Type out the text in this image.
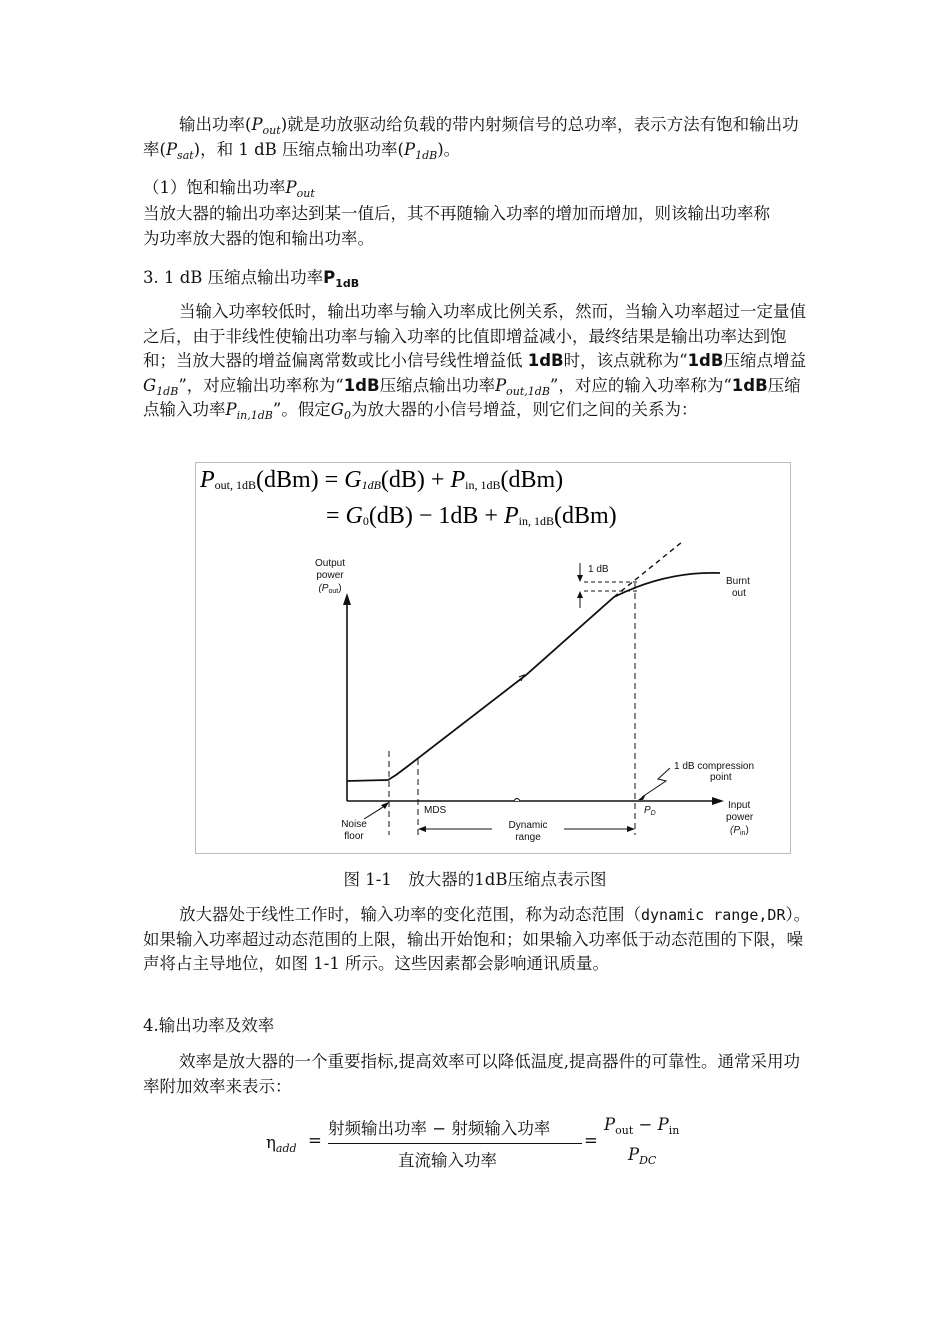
输出功率$(P_{out})$就是功放驱动给负载的带内射频信号的总功率，表示方法有饱和输出功率$(P_{sat})$，和 1 dB 压缩点输出功率$(P_{1dB})$。
（1）饱和输出功率$P_{out}$
当放大器的输出功率达到某一值后，其不再随输入功率的增加而增加，则该输出功率称为功率放大器的饱和输出功率。
3. 1 dB 压缩点输出功率$P_{1dB}$
当输入功率较低时，输出功率与输入功率成比例关系，然而，当输入功率超过一定量值之后，由于非线性使输出功率与输入功率的比值即增益减小，最终结果是输出功率达到饱和；当放大器的增益偏离常数或比小信号线性增益低 1dB时，该点就称为“1dB压缩点增益$G_{1dB}$”，对应输出功率称为“1dB压缩点输出功率$P_{out,1dB}$”，对应的输入功率称为“1dB压缩点输入功率$P_{in,1dB}$”。假定$G_0$为放大器的小信号增益，则它们之间的关系为：
Pout, 1dB(dBm) = G1dB(dB) + Pin, 1dB(dBm)
= G0(dB) − 1dB + Pin, 1dB(dBm)
1 dB
Output
power
$(P_{out})$
Burnt
out
1 dB compression
point
Input
power
$(P_{in})$
MDS	$P_D$
Noise
floor
Dynamic
range
图 1-1　放大器的1dB压缩点表示图
放大器处于线性工作时，输入功率的变化范围，称为动态范围（dynamic range,DR）。如果输入功率超过动态范围的上限，输出开始饱和；如果输入功率低于动态范围的下限，噪声将占主导地位，如图 1-1 所示。这些因素都会影响通讯质量。
4.输出功率及效率
效率是放大器的一个重要指标,提高效率可以降低温度,提高器件的可靠性。通常采用功率附加效率来表示：
$\eta_{add}$ =
射频输出功率 − 射频输入功率
直流输入功率
=
$P_{out} - P_{in}$
$P_{DC}$
